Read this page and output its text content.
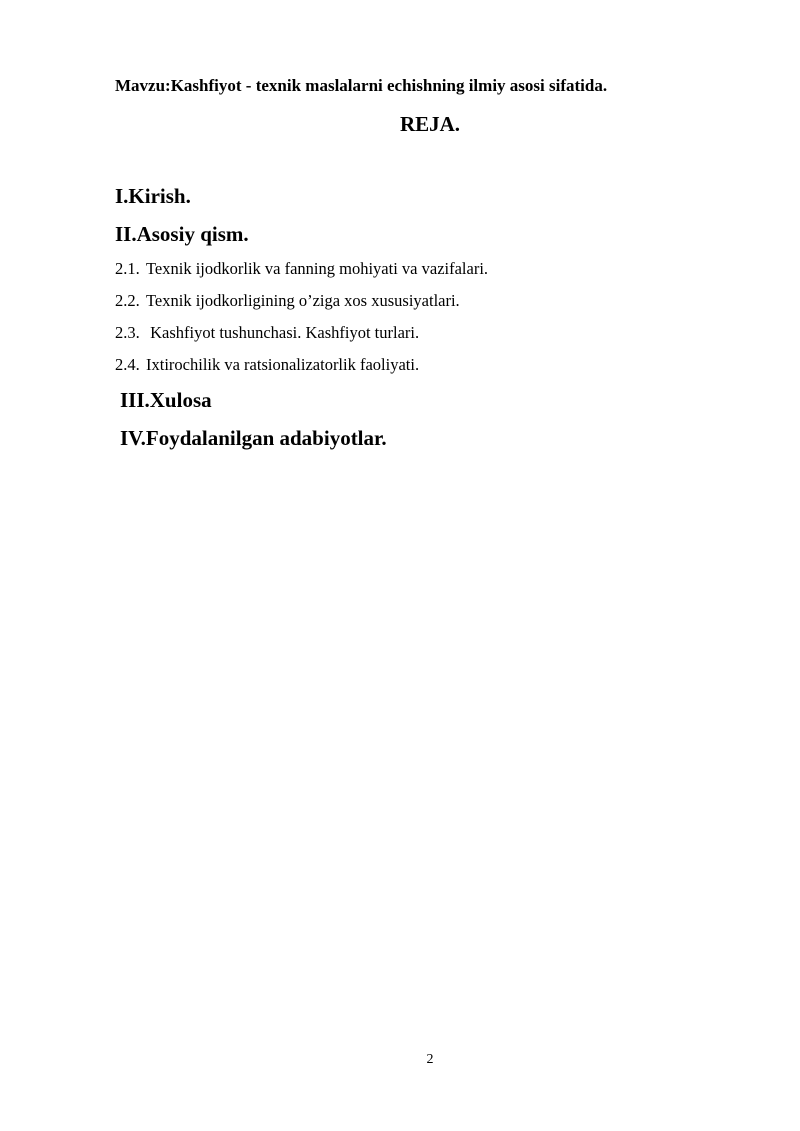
Mavzu:Kashfiyot - texnik maslalarni echishning ilmiy asosi sifatida.
REJA.
I.Kirish.
II.Asosiy qism.
2.1. Texnik ijodkorlik va fanning mohiyati va vazifalari.
2.2. Texnik ijodkorligining o’ziga xos xususiyatlari.
2.3. Kashfiyot tushunchasi. Kashfiyot turlari.
2.4. Ixtirochilik va ratsionalizatorlik faoliyati.
III.Xulosa
IV.Foydalanilgan adabiyotlar.
2
